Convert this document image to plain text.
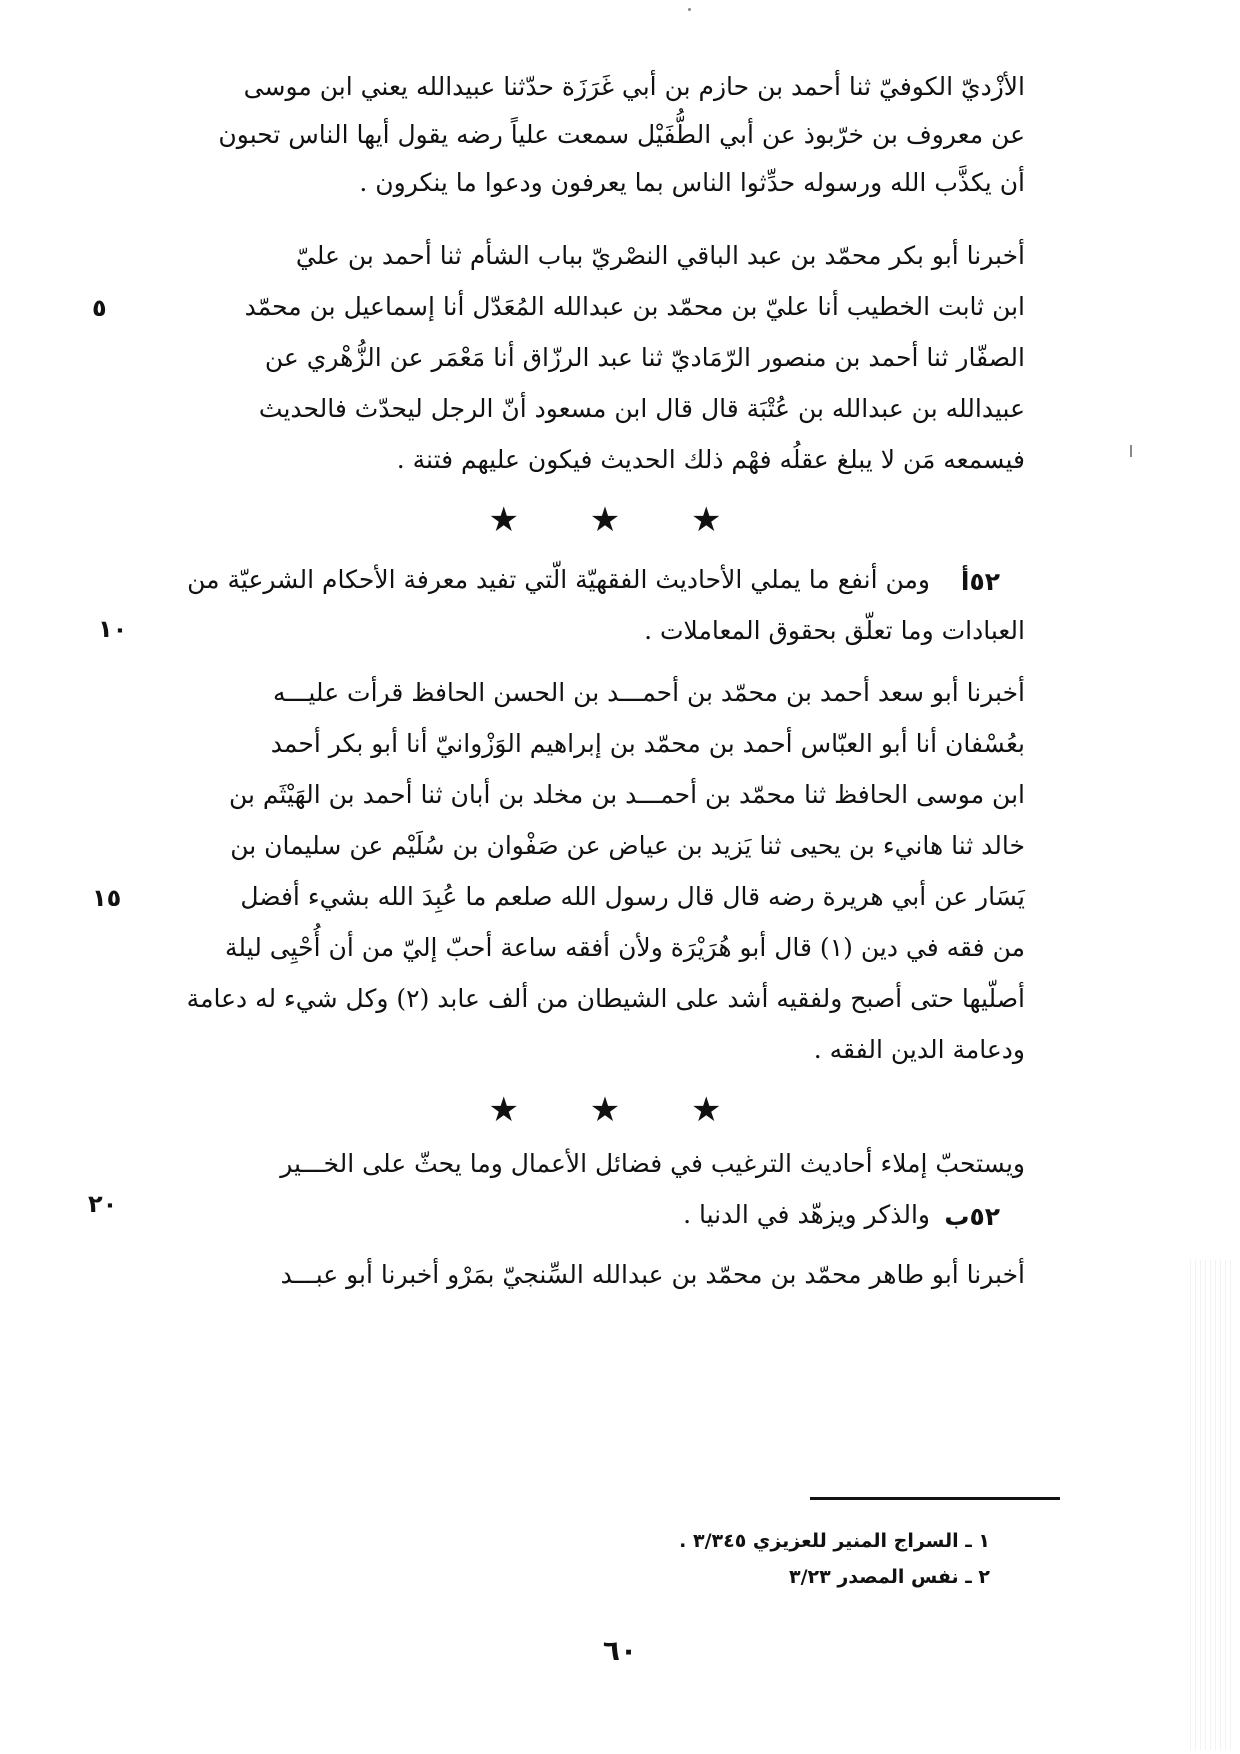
الأزْديّ الكوفيّ ثنا أحمد بن حازم بن أبي غَرَزَة حدّثنا عبيدالله يعني ابن موسى
عن معروف بن خرّبوذ عن أبي الطُّفَيْل سمعت علياً رضه يقول أيها الناس تحبون
أن يكذَّب الله ورسوله حدِّثوا الناس بما يعرفون ودعوا ما ينكرون .
أخبرنا أبو بكر محمّد بن عبد الباقي النصْريّ بباب الشأم ثنا أحمد بن عليّ
ابن ثابت الخطيب أنا عليّ بن محمّد بن عبدالله المُعَدّل أنا إسماعيل بن محمّد
الصفّار ثنا أحمد بن منصور الرّمَاديّ ثنا عبد الرزّاق أنا مَعْمَر عن الزُّهْري عن
عبيدالله بن عبدالله بن عُتْبَة قال قال ابن مسعود أنّ الرجل ليحدّث فالحديث
فيسمعه مَن لا يبلغ عقلُه فهْم ذلك الحديث فيكون عليهم فتنة .
٥
★ ★ ★
٥٢أ
ومن أنفع ما يملي الأحاديث الفقهيّة الّتي تفيد معرفة الأحكام الشرعيّة من
العبادات وما تعلّق بحقوق المعاملات .
١٠
أخبرنا أبو سعد أحمد بن محمّد بن أحمـــد بن الحسن الحافظ قرأت عليـــه
بعُسْفان أنا أبو العبّاس أحمد بن محمّد بن إبراهيم الوَزْوانيّ أنا أبو بكر أحمد
ابن موسى الحافظ ثنا محمّد بن أحمـــد بن مخلد بن أبان ثنا أحمد بن الهَيْثَم بن
خالد ثنا هانيء بن يحيى ثنا يَزيد بن عياض عن صَفْوان بن سُلَيْم عن سليمان بن
يَسَار عن أبي هريرة رضه قال قال رسول الله صلعم ما عُبِدَ الله بشيء أفضل
من فقه في دين (١) قال أبو هُرَيْرَة ولأن أفقه ساعة أحبّ إليّ من أن أُحْيِى ليلة
أصلّيها حتى أصبح ولفقيه أشد على الشيطان من ألف عابد (٢) وكل شيء له دعامة
ودعامة الدين الفقه .
١٥
★ ★ ★
ويستحبّ إملاء أحاديث الترغيب في فضائل الأعمال وما يحثّ على الخـــير
والذكر ويزهّد في الدنيا . ٥٢ب
٢٠
أخبرنا أبو طاهر محمّد بن محمّد بن عبدالله السِّنجيّ بمَرْو أخبرنا أبو عبـــد
١ ـ السراج المنير للعزيزي ٣/٣٤٥ .
٢ ـ نفس المصدر ٣/٢٣
٦٠
